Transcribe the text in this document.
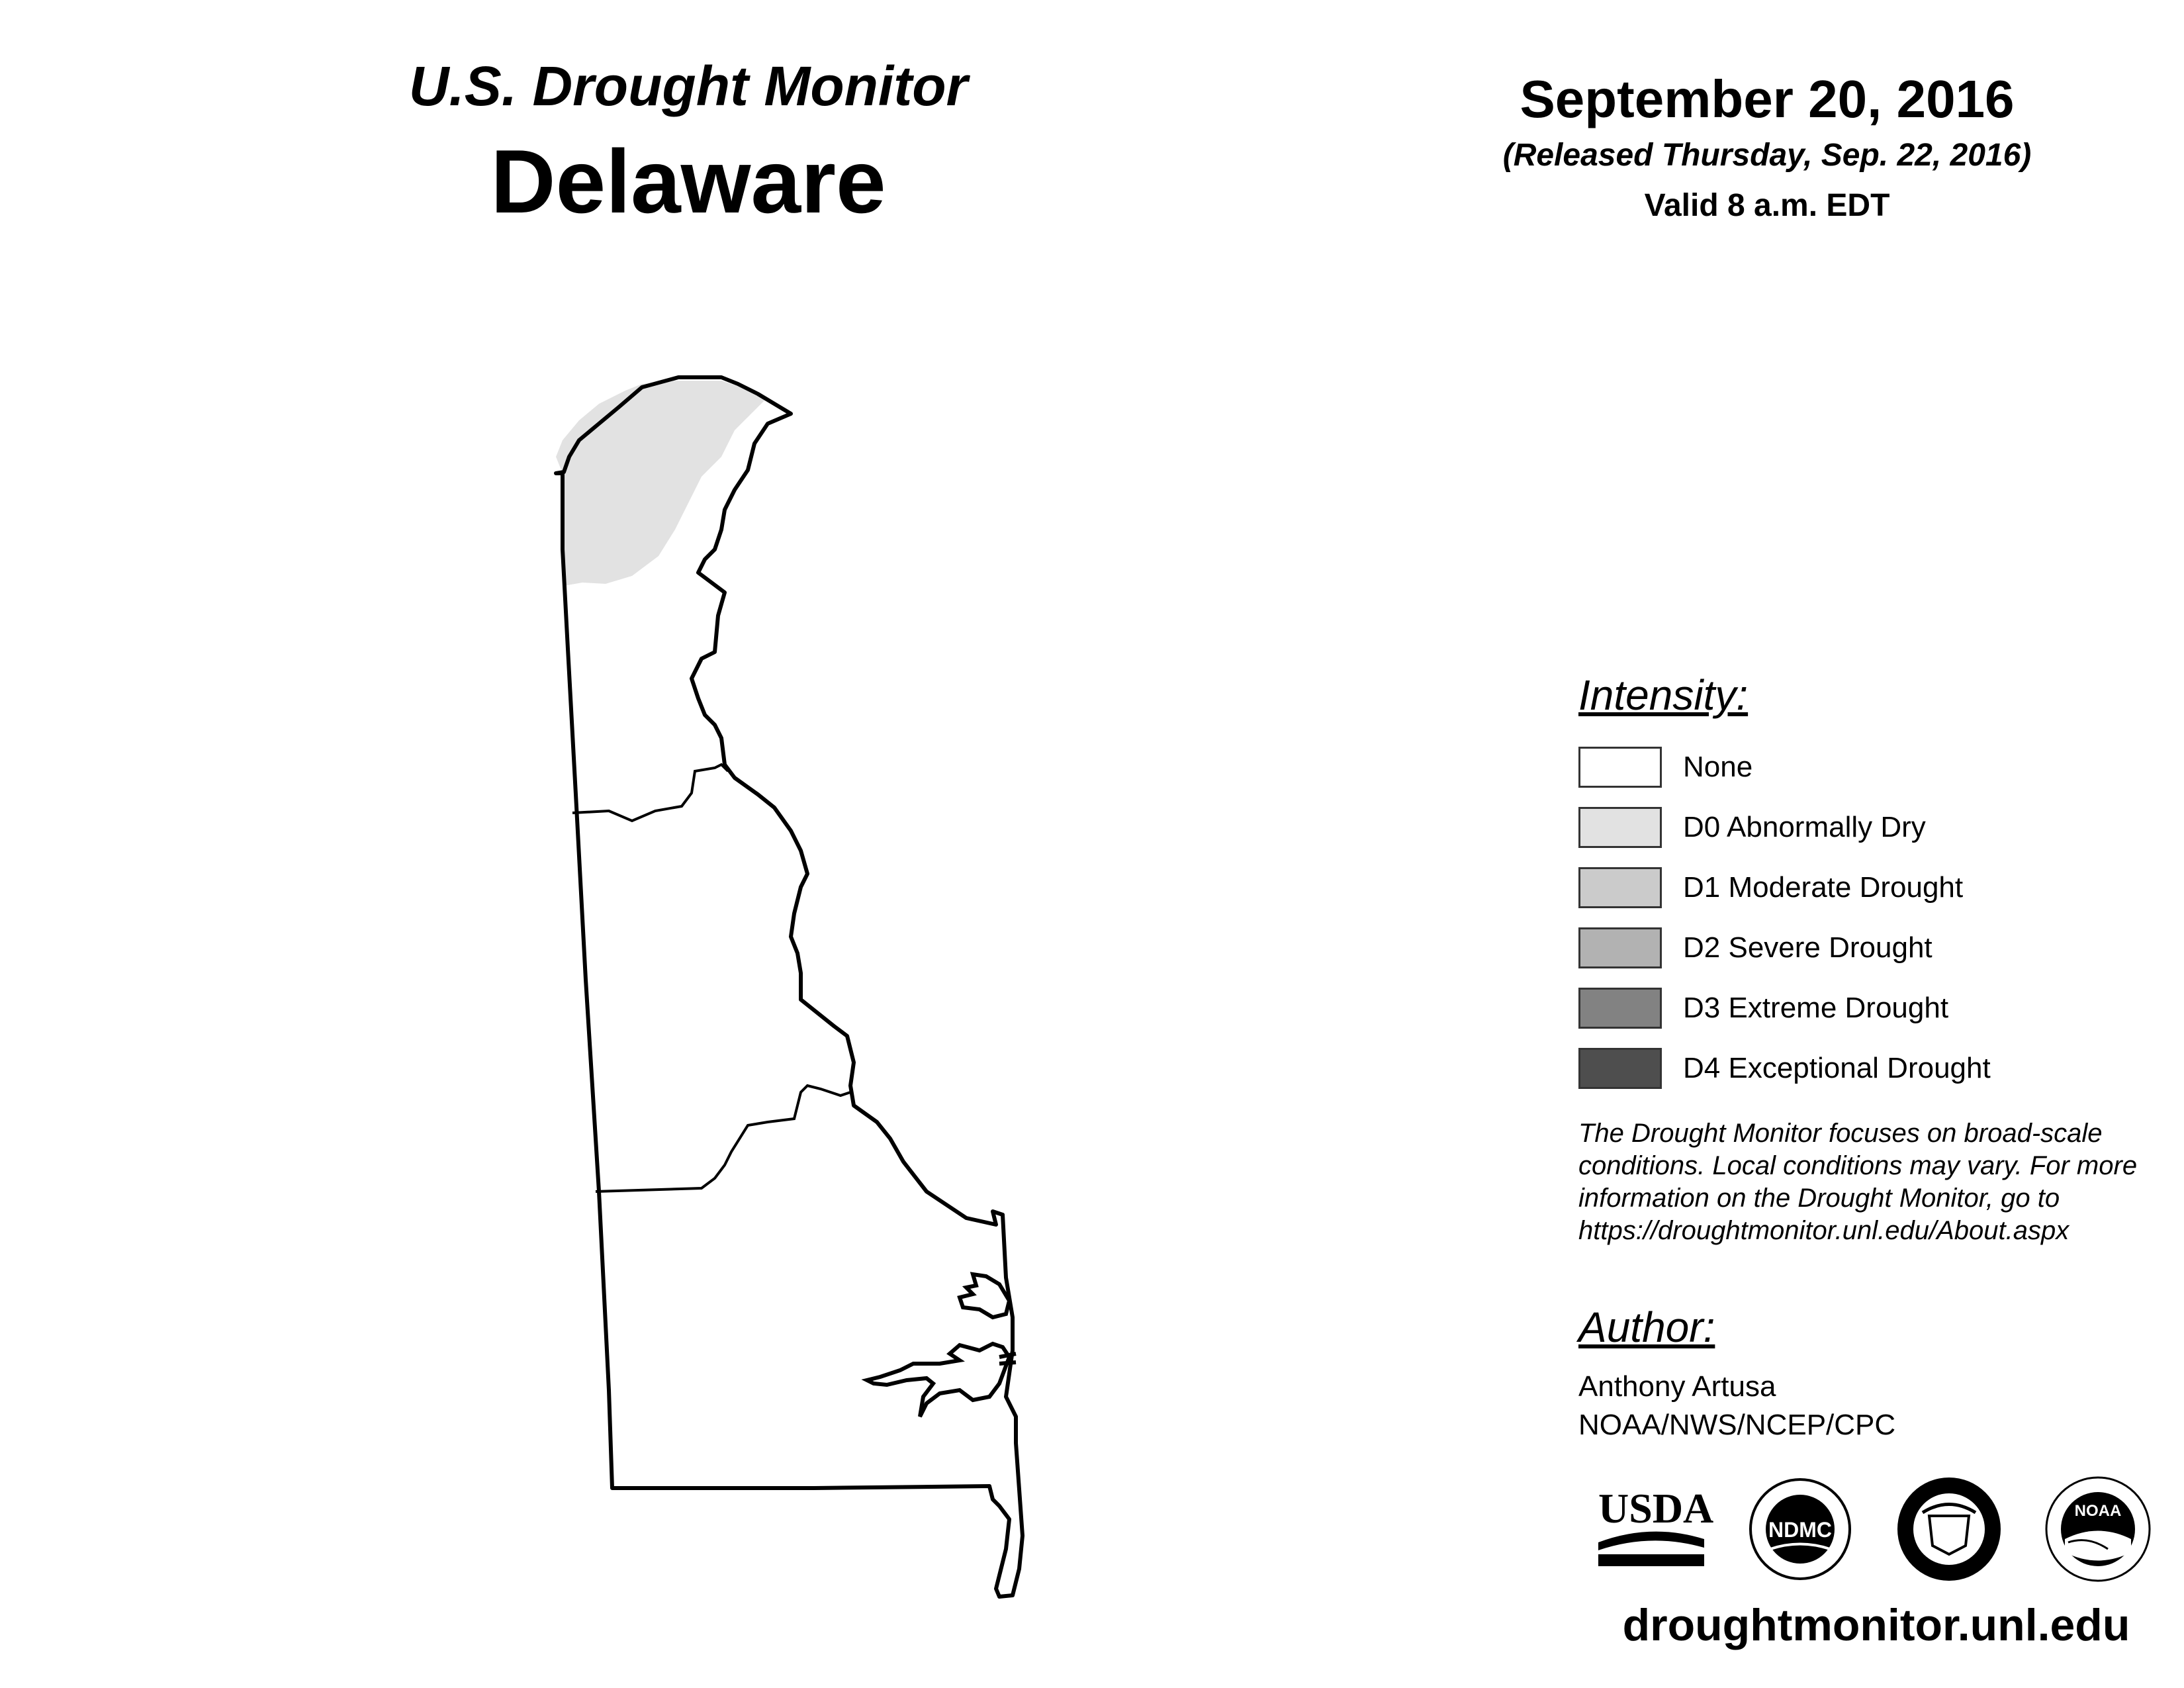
U.S. Drought Monitor
Delaware
September 20, 2016
(Released Thursday, Sep. 22, 2016)
Valid 8 a.m. EDT
Intensity:
None
D0 Abnormally Dry
D1 Moderate Drought
D2 Severe Drought
D3 Extreme Drought
D4 Exceptional Drought
The Drought Monitor focuses on broad-scale
conditions. Local conditions may vary. For more
information on the Drought Monitor, go to
https://droughtmonitor.unl.edu/About.aspx
Author:
Anthony Artusa
NOAA/NWS/NCEP/CPC
USDA	NDMC
NOAA
droughtmonitor.unl.edu
